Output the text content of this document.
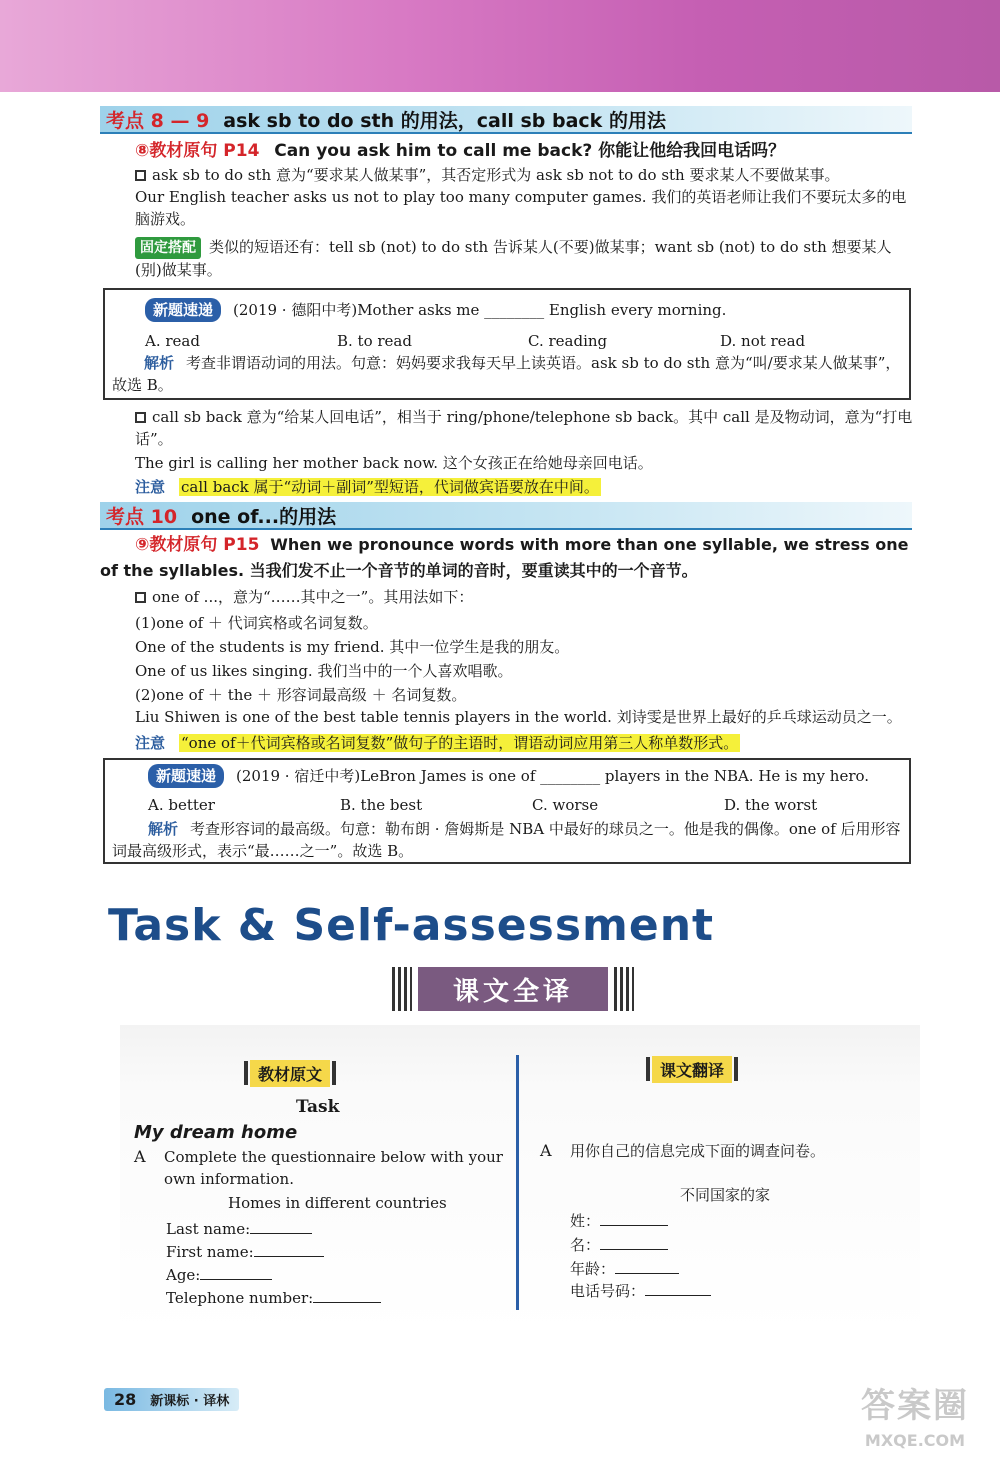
考点 8 — 9 ask sb to do sth 的用法，call sb back 的用法
⑧教材原句 P14 Can you ask him to call me back? 你能让他给我回电话吗？
ask sb to do sth 意为“要求某人做某事”，其否定形式为 ask sb not to do sth 要求某人不要做某事。
Our English teacher asks us not to play too many computer games. 我们的英语老师让我们不要玩太多的电脑游戏。
固定搭配 类似的短语还有：tell sb (not) to do sth 告诉某人(不要)做某事；want sb (not) to do sth 想要某人(别)做某事。
新题速递 (2019 · 德阳中考)Mother asks me ________ English every morning.
A. read	B. to read	C. reading	D. not read
解析 考查非谓语动词的用法。句意：妈妈要求我每天早上读英语。ask sb to do sth 意为“叫/要求某人做某事”，故选 B。
call sb back 意为“给某人回电话”，相当于 ring/phone/telephone sb back。其中 call 是及物动词，意为“打电话”。
The girl is calling her mother back now. 这个女孩正在给她母亲回电话。
注意 call back 属于“动词＋副词”型短语，代词做宾语要放在中间。
考点 10 one of...的用法
⑨教材原句 P15 When we pronounce words with more than one syllable, we stress one
of the syllables. 当我们发不止一个音节的单词的音时，要重读其中的一个音节。
one of ...，意为“……其中之一”。其用法如下：
(1)one of ＋ 代词宾格或名词复数。
One of the students is my friend. 其中一位学生是我的朋友。
One of us likes singing. 我们当中的一个人喜欢唱歌。
(2)one of ＋ the ＋ 形容词最高级 ＋ 名词复数。
Liu Shiwen is one of the best table tennis players in the world. 刘诗雯是世界上最好的乒乓球运动员之一。
注意 “one of＋代词宾格或名词复数”做句子的主语时，谓语动词应用第三人称单数形式。
新题速递 (2019 · 宿迁中考)LeBron James is one of ________ players in the NBA. He is my hero.
A. better	B. the best	C. worse	D. the worst
解析 考查形容词的最高级。句意：勒布朗 · 詹姆斯是 NBA 中最好的球员之一。他是我的偶像。one of 后用形容词最高级形式，表示“最……之一”。故选 B。
Task & Self-assessment
课文全译
教材原文	课文翻译
Task
My dream home
A	Complete the questionnaire below with your own information.
Homes in different countries
Last name:
First name:
Age:
Telephone number:
A	用你自己的信息完成下面的调查问卷。
不同国家的家
姓：
名：
年龄：
电话号码：
28 新课标 · 译林	答案圈
MXQE.COM
